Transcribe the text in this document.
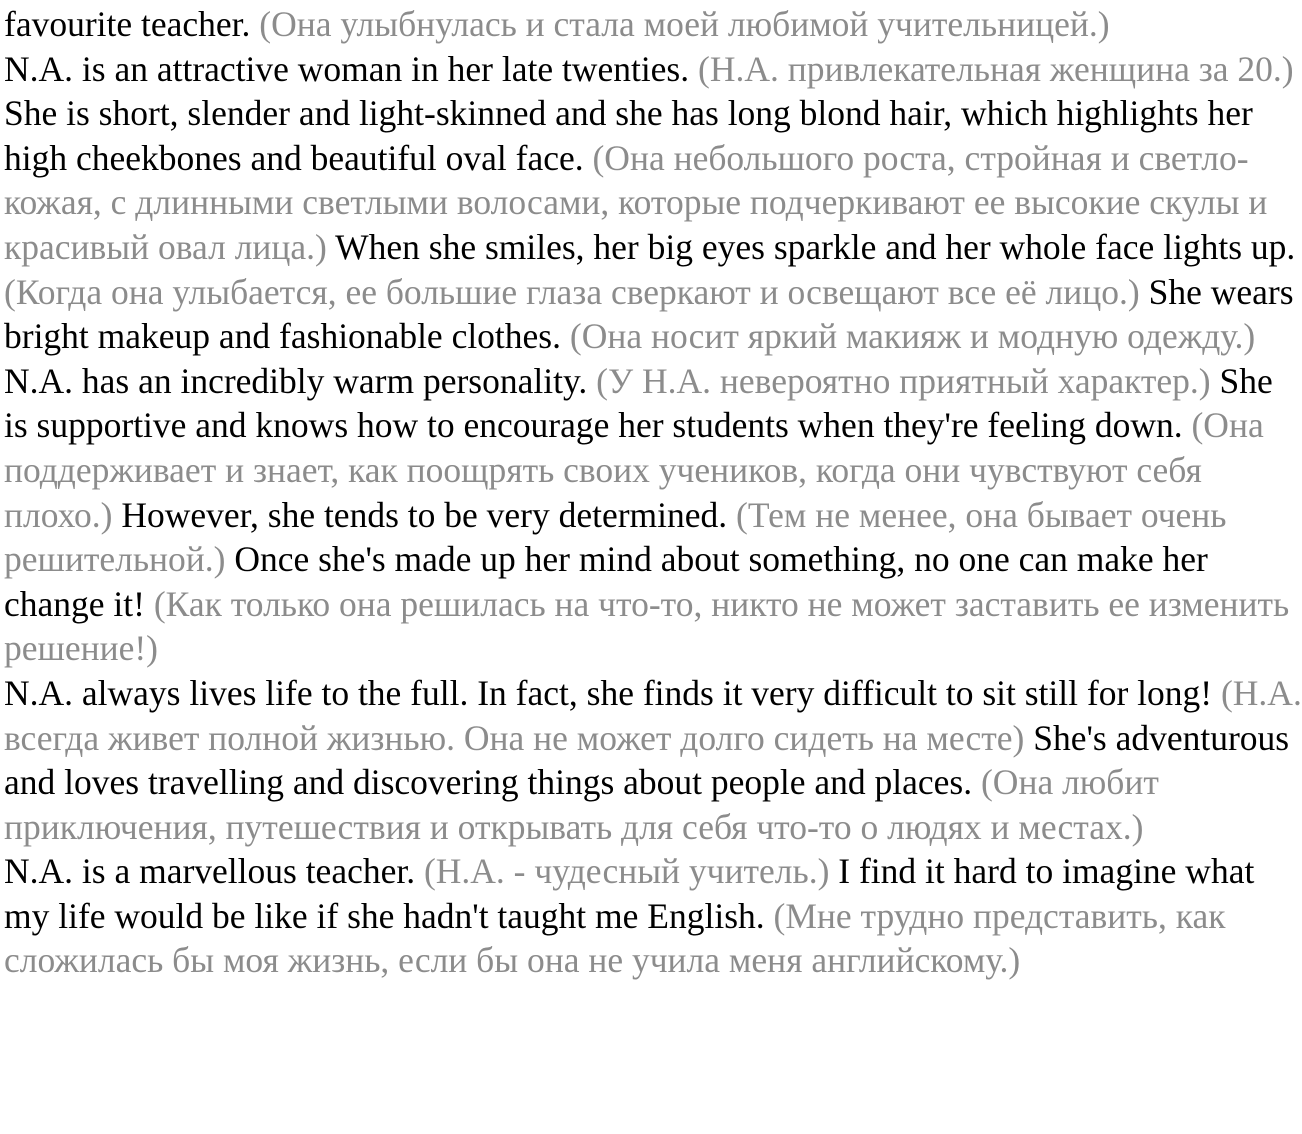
favourite teacher. (Она улыбнулась и стала моей любимой учительницей.)

N.A. is an attractive woman in her late twenties. (Н.А. привлекательная женщина за 20.) She is short, slender and light-skinned and she has long blond hair, which highlights her high cheekbones and beautiful oval face. (Она небольшого роста, стройная и светло-кожая, с длинными светлыми волосами, которые подчеркивают ее высокие скулы и красивый овал лица.) When she smiles, her big eyes sparkle and her whole face lights up. (Когда она улыбается, ее большие глаза сверкают и освещают все её лицо.) She wears bright makeup and fashionable clothes. (Она носит яркий макияж и модную одежду.)

N.A. has an incredibly warm personality. (У Н.А. невероятно приятный характер.) She is supportive and knows how to encourage her students when they're feeling down. (Она поддерживает и знает, как поощрять своих учеников, когда они чувствуют себя плохо.) However, she tends to be very determined. (Тем не менее, она бывает очень решительной.) Once she's made up her mind about something, no one can make her change it! (Как только она решилась на что-то, никто не может заставить ее изменить решение!)

N.A. always lives life to the full. In fact, she finds it very difficult to sit still for long! (Н.А. всегда живет полной жизнью. Она не может долго сидеть на месте) She's adventurous and loves travelling and discovering things about people and places. (Она любит приключения, путешествия и открывать для себя что-то о людях и местах.)

N.A. is a marvellous teacher. (Н.А. - чудесный учитель.) I find it hard to imagine what my life would be like if she hadn't taught me English. (Мне трудно представить, как сложилась бы моя жизнь, если бы она не учила меня английскому.)
